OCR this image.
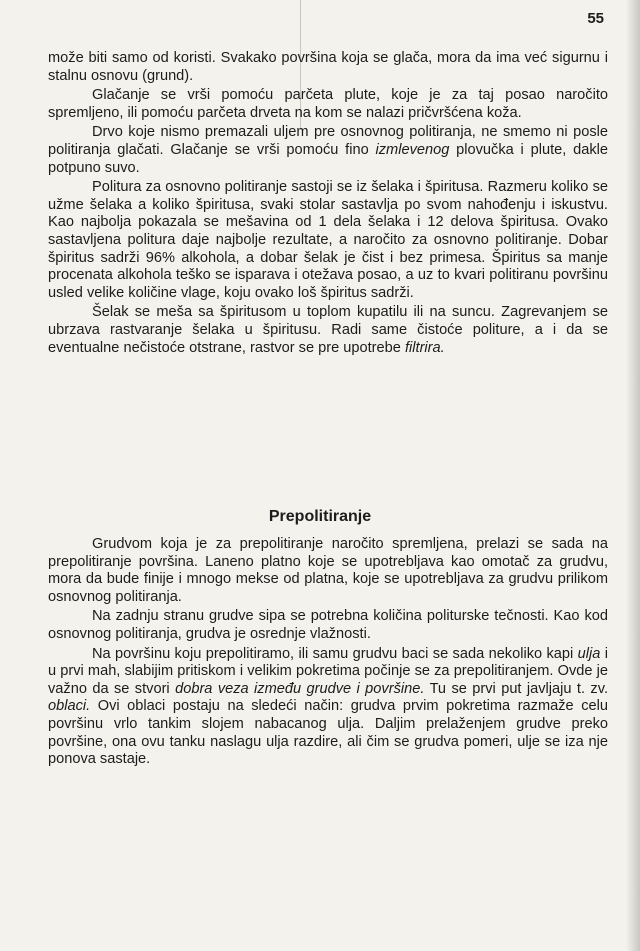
55

može biti samo od koristi. Svakako površina koja se glača, mora da ima već sigurnu i stalnu osnovu (grund).

Glačanje se vrši pomoću parčeta plute, koje je za taj posao naročito spremljeno, ili pomoću parčeta drveta na kom se nalazi pričvršćena koža.

Drvo koje nismo premazali uljem pre osnovnog politiranja, ne smemo ni posle politiranja glačati. Glačanje se vrši pomoću fino izmlevenog plovučka i plute, dakle potpuno suvo.

Politura za osnovno politiranje sastoji se iz šelaka i špiritusa. Razmeru koliko se užme šelaka a koliko špiritusa, svaki stolar sastavlja po svom nahođenju i iskustvu. Kao najbolja pokazala se mešavina od 1 dela šelaka i 12 delova špiritusa. Ovako sastavljena politura daje najbolje rezultate, a naročito za osnovno politiranje. Dobar špiritus sadrži 96% alkohola, a dobar šelak je čist i bez primesa. Špiritus sa manje procenata alkohola teško se isparava i otežava posao, a uz to kvari politiranu površinu usled velike količine vlage, koju ovako loš špiritus sadrži.

Šelak se meša sa špiritusom u toplom kupatilu ili na suncu. Zagrevanjem se ubrzava rastvaranje šelaka u špiritusu. Radi same čistoće politure, a i da se eventualne nečistoće otstrane, rastvor se pre upotrebe filtrira.

Prepolitiranje

Grudvom koja je za prepolitiranje naročito spremljena, prelazi se sada na prepolitiranje površina. Laneno platno koje se upotrebljava kao omotač za grudvu, mora da bude finije i mnogo mekse od platna, koje se upotrebljava za grudvu prilikom osnovnog politiranja.

Na zadnju stranu grudve sipa se potrebna količina politurske tečnosti. Kao kod osnovnog politiranja, grudva je osrednje vlažnosti.

Na površinu koju prepolitiramo, ili samu grudvu baci se sada nekoliko kapi ulja i u prvi mah, slabijim pritiskom i velikim pokretima počinje se za prepolitiranjem. Ovde je važno da se stvori dobra veza između grudve i površine. Tu se prvi put javljaju t. zv. oblaci. Ovi oblaci postaju na sledeći način: grudva prvim pokretima razmaže celu površinu vrlo tankim slojem nabacanog ulja. Daljim prelaženjem grudve preko površine, ona ovu tanku naslagu ulja razdire, ali čim se grudva pomeri, ulje se iza nje ponova sastaje.
